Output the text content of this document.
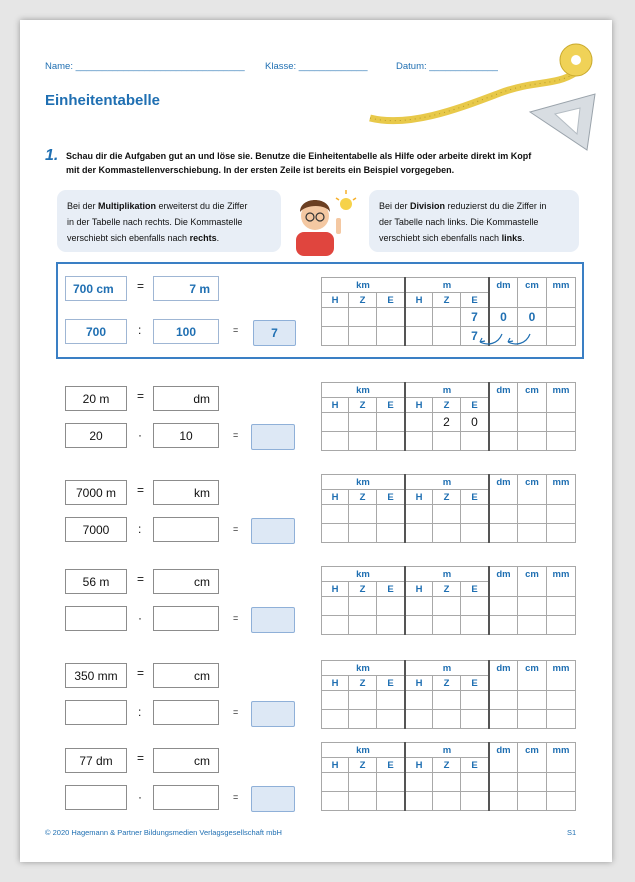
Name: ________________________________ Klasse: _____________	Datum: _____________
Einheitentabelle
1. Schau dir die Aufgaben gut an und löse sie. Benutze die Einheitentabelle als Hilfe oder arbeite direkt im Kopf
mit der Kommastellenverschiebung. In der ersten Zeile ist bereits ein Beispiel vorgegeben.
Bei der Multiplikation erweiterst du die Ziffer
in der Tabelle nach rechts. Die Kommastelle
verschiebt sich ebenfalls nach rechts.
Bei der Division reduzierst du die Ziffer in
der Tabelle nach links. Die Kommastelle
verschiebt sich ebenfalls nach links.
700 cm	=	7 m
700	:	100	=	7
km			m			dm	cm	mm
H	Z	E	H	Z	E			
					7	0	0	
					7			
km			m			dm	cm	mm
H	Z	E	H	Z	E			
				2	0			

km			m			dm	cm	mm
H	Z	E	H	Z	E			

km			m			dm	cm	mm
H	Z	E	H	Z	E			

km			m			dm	cm	mm
H	Z	E	H	Z	E			

km			m			dm	cm	mm
H	Z	E	H	Z	E			

20 m	=	dm
20	·	10	=
7000 m	=	km
7000	:	=
56 m	=	cm
·	=
350 mm	=	cm
:	=
77 dm	=	cm
·	=
© 2020 Hagemann & Partner Bildungsmedien Verlagsgesellschaft mbH	S1
